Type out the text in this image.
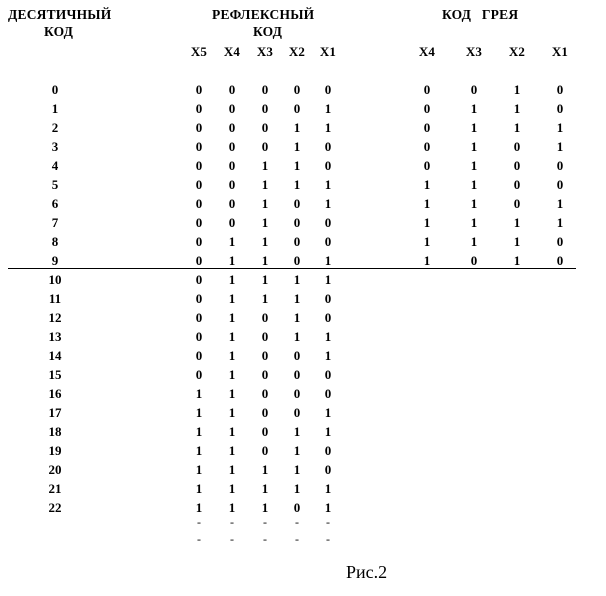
ДЕСЯТИЧНЫЙ
КОД
РЕФЛЕКСНЫЙ
КОД
КОД   ГРЕЯ
X5 X4 X3 X2 X1	X4 X3 X2 X1
0	0	0	0	0	0	0	0	1	0
1	0	0	0	0	1	0	1	1	0
2	0	0	0	1	1	0	1	1	1
3	0	0	0	1	0	0	1	0	1
4	0	0	1	1	0	0	1	0	0
5	0	0	1	1	1	1	1	0	0
6	0	0	1	0	1	1	1	0	1
7	0	0	1	0	0	1	1	1	1
8	0	1	1	0	0	1	1	1	0
9	0	1	1	0	1	1	0	1	0
10	0	1	1	1	1
11	0	1	1	1	0
12	0	1	0	1	0
13	0	1	0	1	1
14	0	1	0	0	1
15	0	1	0	0	0
16	1	1	0	0	0
17	1	1	0	0	1
18	1	1	0	1	1
19	1	1	0	1	0
20	1	1	1	1	0
21	1	1	1	1	1
22	1	1	1	0	1
-	-	-	-	-
-	-	-	-	-
Рис.2
